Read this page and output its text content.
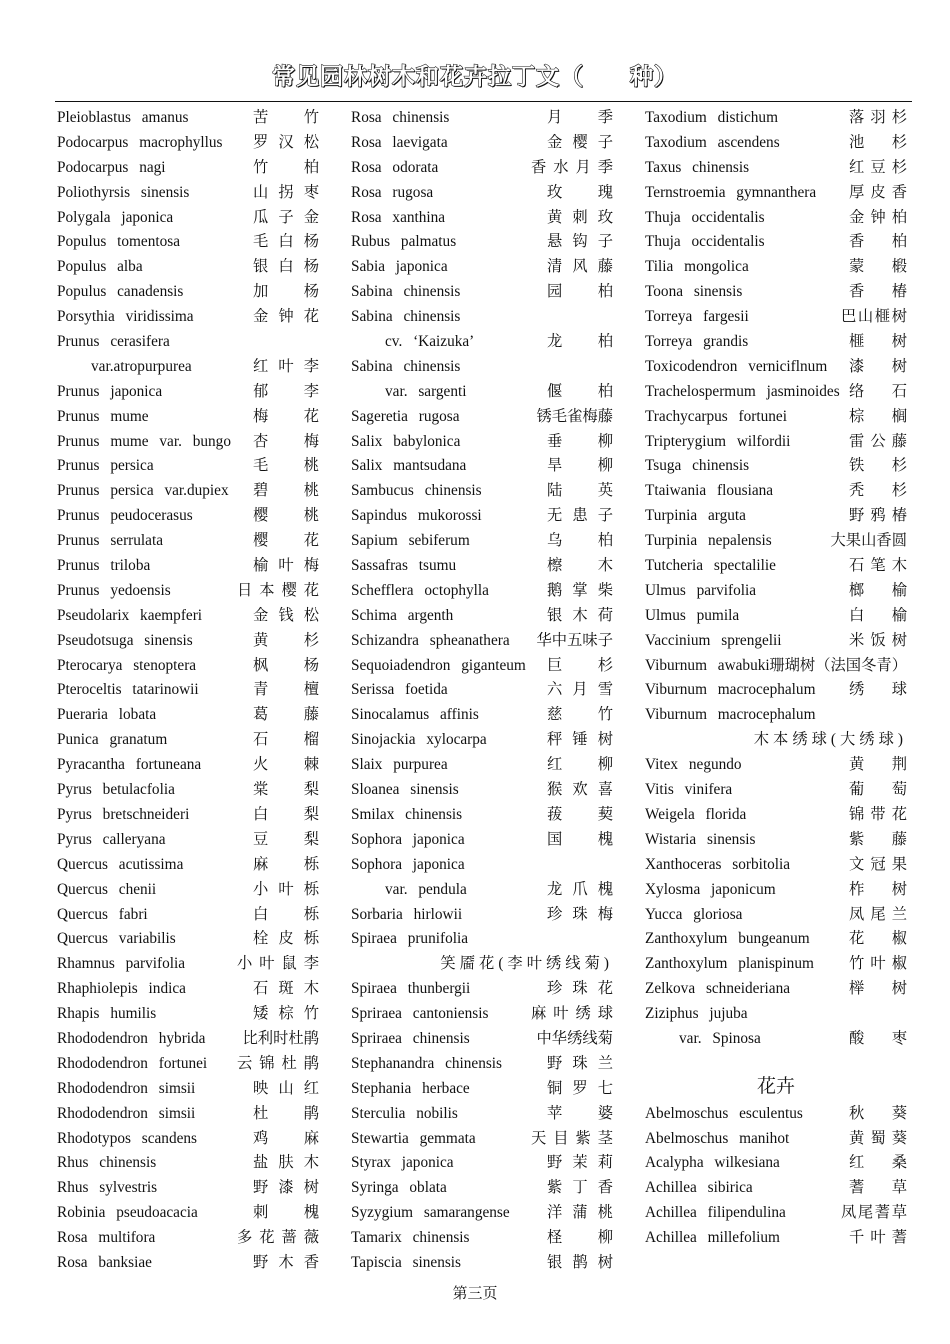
常见园林树木和花卉拉丁文（ 种）
Pleioblastus amanus	苦竹
Podocarpus macrophyllus 罗汉松
Podocarpus nagi	竹柏
Poliothyrsis sinensis	山拐枣
Polygala japonica	瓜子金
Populus tomentosa	毛白杨
Populus alba	银白杨
Populus canadensis	加杨
Porsythia viridissima	金钟花
Prunus cerasifera
var.atropurpurea	红叶李
Prunus japonica	郁李
Prunus mume	梅花
Prunus mume var. bungo 杏梅
Prunus persica	毛桃
Prunus persica var.dupiex 碧桃
Prunus peudocerasus	樱桃
Prunus serrulata	樱花
Prunus triloba	榆叶梅
Prunus yedoensis	日本樱花
Pseudolarix kaempferi	金钱松
Pseudotsuga sinensis	黄杉
Pterocarya stenoptera	枫杨
Pteroceltis tatarinowii	青檀
Pueraria lobata	葛藤
Punica granatum	石榴
Pyracantha fortuneana	火棘
Pyrus betulacfolia	棠梨
Pyrus bretschneideri	白梨
Pyrus calleryana	豆梨
Quercus acutissima	麻栎
Quercus chenii	小叶栎
Quercus fabri	白栎
Quercus variabilis	栓皮栎
Rhamnus parvifolia	小叶鼠李
Rhaphiolepis indica	石斑木
Rhapis humilis	矮棕竹
Rhododendron hybrida 比利时杜鹃
Rhododendron fortunei 云锦杜鹃
Rhododendron simsii	映山红
Rhododendron simsii	杜鹃
Rhodotypos scandens	鸡麻
Rhus chinensis	盐肤木
Rhus sylvestris	野漆树
Robinia pseudoacacia	刺槐
Rosa multifora	多花蔷薇
Rosa banksiae	野木香
Rosa chinensis	月季
Rosa laevigata	金樱子
Rosa odorata	香水月季
Rosa rugosa	玫瑰
Rosa xanthina	黄刺玫
Rubus palmatus	悬钩子
Sabia japonica	清风藤
Sabina chinensis	园柏
Sabina chinensis
cv. ‘Kaizuka’	龙柏
Sabina chinensis
var. sargenti	偃柏
Sageretia rugosa	锈毛雀梅藤
Salix babylonica	垂柳
Salix mantsudana	旱柳
Sambucus chinensis	陆英
Sapindus mukorossi	无患子
Sapium sebiferum	乌柏
Sassafras tsumu	檫木
Schefflera octophylla	鹅掌柴
Schima argenth	银木荷
Schizandra spheanathera 华中五味子
Sequoiadendron giganteum 巨杉
Serissa foetida	六月雪
Sinocalamus affinis	慈竹
Sinojackia xylocarpa	秤锤树
Slaix purpurea	红柳
Sloanea sinensis	猴欢喜
Smilax chinensis	菝葜
Sophora japonica	国槐
Sophora japonica
var. pendula	龙爪槐
Sorbaria hirlowii	珍珠梅
Spiraea prunifolia
笑靥花(李叶绣线菊)
Spiraea thunbergii	珍珠花
Spriraea cantoniensis	麻叶绣球
Spriraea chinensis	中华绣线菊
Stephanandra chinensis	野珠兰
Stephania herbace	铜罗七
Sterculia nobilis	苹婆
Stewartia gemmata	天目紫茎
Styrax japonica	野茉莉
Syringa oblata	紫丁香
Syzygium samarangense 洋蒲桃
Tamarix chinensis	柽柳
Tapiscia sinensis	银鹊树
Taxodium distichum	落羽杉
Taxodium ascendens	池杉
Taxus chinensis	红豆杉
Ternstroemia gymnanthera 厚皮香
Thuja occidentalis	金钟柏
Thuja occidentalis	香柏
Tilia mongolica	蒙椴
Toona sinensis	香椿
Torreya fargesii	巴山榧树
Torreya grandis	榧树
Toxicodendron verniciflnum 漆树
Trachelospermum jasminoides 络石
Trachycarpus fortunei	棕榈
Tripterygium wilfordii	雷公藤
Tsuga chinensis	铁杉
Ttaiwania flousiana	秃杉
Turpinia arguta	野鸦椿
Turpinia nepalensis	大果山香圆
Tutcheria spectalilie	石笔木
Ulmus parvifolia	榔榆
Ulmus pumila	白榆
Vaccinium sprengelii	米饭树
Viburnum awabuki 珊瑚树（法国冬青）
Viburnum macrocephalum 绣球
Viburnum macrocephalum
木本绣球(大绣球)
Vitex negundo	黄荆
Vitis vinifera	葡萄
Weigela florida	锦带花
Wistaria sinensis	紫藤
Xanthoceras sorbitolia	文冠果
Xylosma japonicum	柞树
Yucca gloriosa	凤尾兰
Zanthoxylum bungeanum	花椒
Zanthoxylum planispinum 竹叶椒
Zelkova schneideriana	榉树
Ziziphus jujuba
var. Spinosa	酸枣
花卉
Abelmoschus esculentus	秋葵
Abelmoschus manihot	黄蜀葵
Acalypha wilkesiana	红桑
Achillea sibirica	蓍草
Achillea filipendulina	凤尾蓍草
Achillea millefolium	千叶蓍
第三页
